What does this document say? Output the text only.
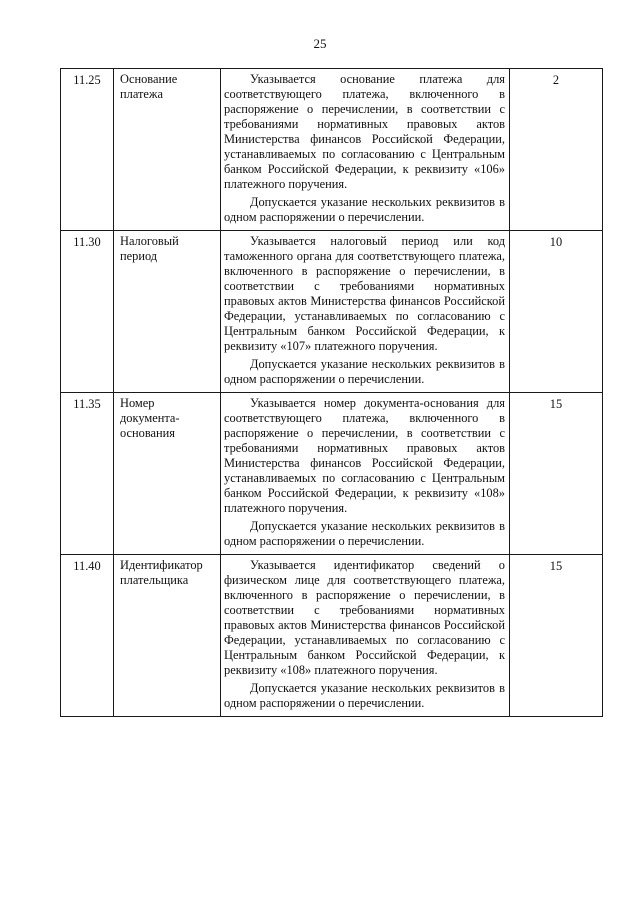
25
11.25	Основание платежа	Указывается основание платежа для соответствующего платежа, включенного в распоряжение о перечислении, в соответствии с требованиями нормативных правовых актов Министерства финансов Российской Федерации, устанавливаемых по согласованию с Центральным банком Российской Федерации, к реквизиту «106» платежного поручения.

Допускается указание нескольких реквизитов в одном распоряжении о перечислении.	2
11.30	Налоговый период	Указывается налоговый период или код таможенного органа для соответствующего платежа, включенного в распоряжение о перечислении, в соответствии с требованиями нормативных правовых актов Министерства финансов Российской Федерации, устанавливаемых по согласованию с Центральным банком Российской Федерации, к реквизиту «107» платежного поручения.

Допускается указание нескольких реквизитов в одном распоряжении о перечислении.	10
11.35	Номер документа-основания	Указывается номер документа-основания для соответствующего платежа, включенного в распоряжение о перечислении, в соответствии с требованиями нормативных правовых актов Министерства финансов Российской Федерации, устанавливаемых по согласованию с Центральным банком Российской Федерации, к реквизиту «108» платежного поручения.

Допускается указание нескольких реквизитов в одном распоряжении о перечислении.	15
11.40	Идентификатор плательщика	Указывается идентификатор сведений о физическом лице для соответствующего платежа, включенного в распоряжение о перечислении, в соответствии с требованиями нормативных правовых актов Министерства финансов Российской Федерации, устанавливаемых по согласованию с Центральным банком Российской Федерации, к реквизиту «108» платежного поручения.

Допускается указание нескольких реквизитов в одном распоряжении о перечислении.	15
